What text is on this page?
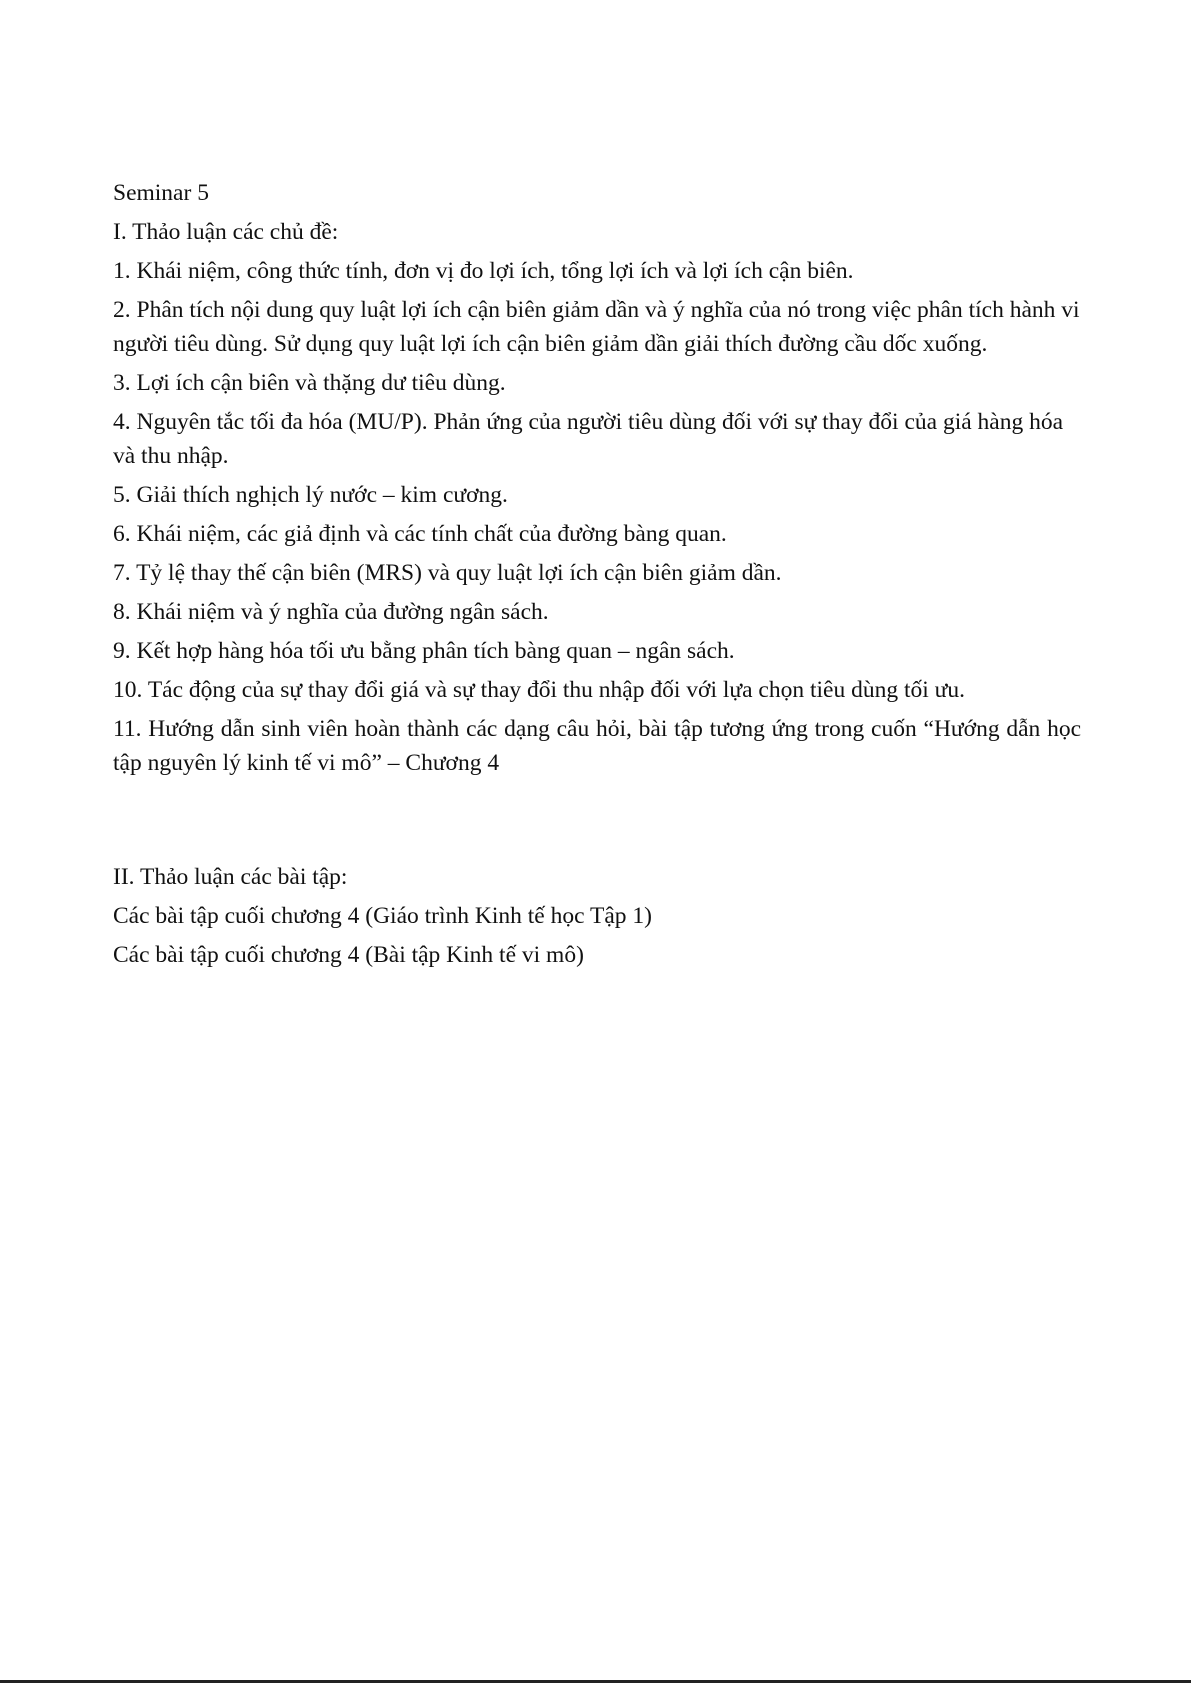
Seminar 5
I. Thảo luận các chủ đề:
1. Khái niệm, công thức tính, đơn vị đo lợi ích, tổng lợi ích và lợi ích cận biên.
2. Phân tích nội dung quy luật lợi ích cận biên giảm dần và ý nghĩa của nó trong việc phân tích hành vi người tiêu dùng. Sử dụng quy luật lợi ích cận biên giảm dần giải thích đường cầu dốc xuống.
3. Lợi ích cận biên và thặng dư tiêu dùng.
4. Nguyên tắc tối đa hóa (MU/P). Phản ứng của người tiêu dùng đối với sự thay đổi của giá hàng hóa và thu nhập.
5. Giải thích nghịch lý nước – kim cương.
6. Khái niệm, các giả định và các tính chất của đường bàng quan.
7. Tỷ lệ thay thế cận biên (MRS) và quy luật lợi ích cận biên giảm dần.
8. Khái niệm và ý nghĩa của đường ngân sách.
9. Kết hợp hàng hóa tối ưu bằng phân tích bàng quan – ngân sách.
10. Tác động của sự thay đổi giá và sự thay đổi thu nhập đối với lựa chọn tiêu dùng tối ưu.
11. Hướng dẫn sinh viên hoàn thành các dạng câu hỏi, bài tập tương ứng trong cuốn “Hướng dẫn học tập nguyên lý kinh tế vi mô” – Chương 4
II. Thảo luận các bài tập:
Các bài tập cuối chương 4 (Giáo trình Kinh tế học Tập 1)
Các bài tập cuối chương 4 (Bài tập Kinh tế vi mô)
